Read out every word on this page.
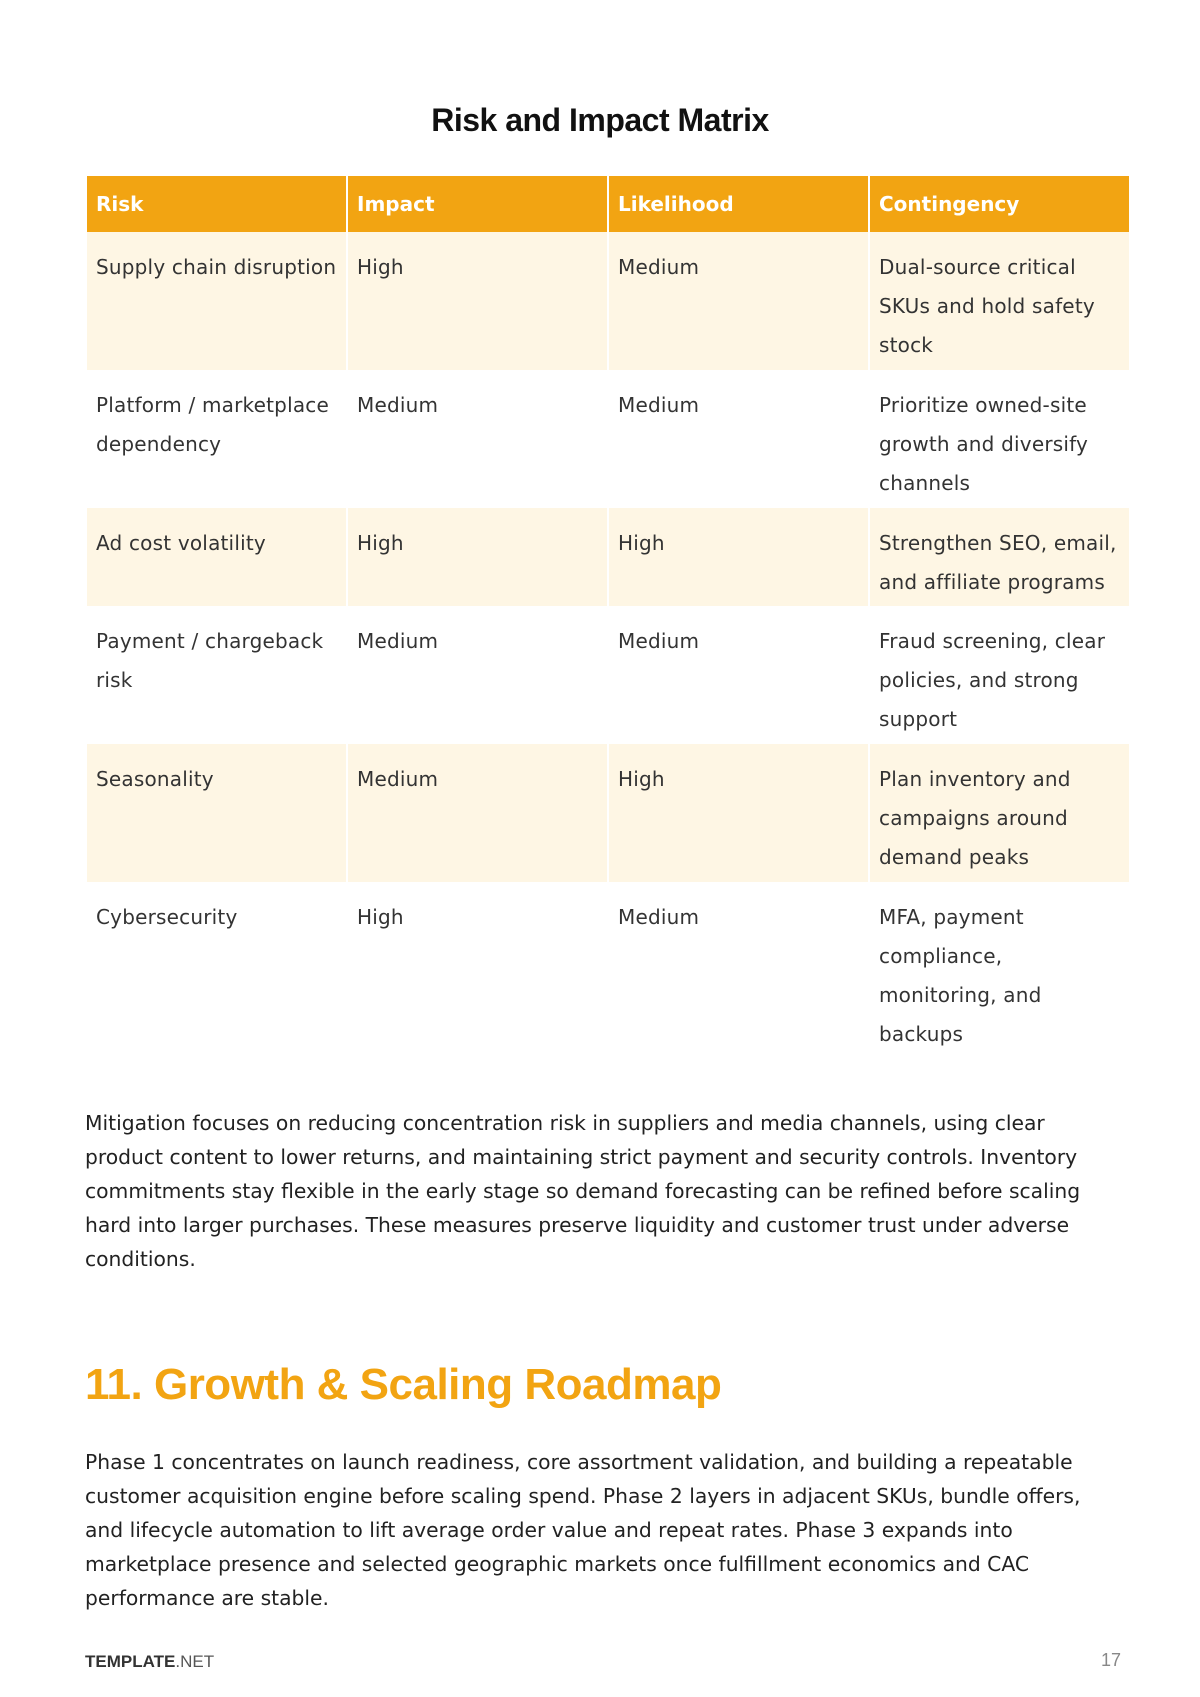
Risk and Impact Matrix
Risk	Impact	Likelihood	Contingency
Supply chain disruption	High	Medium	Dual-source critical SKUs and hold safety stock
Platform / marketplace dependency	Medium	Medium	Prioritize owned-site growth and diversify channels
Ad cost volatility	High	High	Strengthen SEO, email, and affiliate programs
Payment / chargeback risk	Medium	Medium	Fraud screening, clear policies, and strong support
Seasonality	Medium	High	Plan inventory and campaigns around demand peaks
Cybersecurity	High	Medium	MFA, payment compliance, monitoring, and backups

Mitigation focuses on reducing concentration risk in suppliers and media channels, using clear product content to lower returns, and maintaining strict payment and security controls. Inventory commitments stay flexible in the early stage so demand forecasting can be refined before scaling hard into larger purchases. These measures preserve liquidity and customer trust under adverse conditions.

11. Growth & Scaling Roadmap

Phase 1 concentrates on launch readiness, core assortment validation, and building a repeatable customer acquisition engine before scaling spend. Phase 2 layers in adjacent SKUs, bundle offers, and lifecycle automation to lift average order value and repeat rates. Phase 3 expands into marketplace presence and selected geographic markets once fulfillment economics and CAC performance are stable.

TEMPLATE.NET	17
